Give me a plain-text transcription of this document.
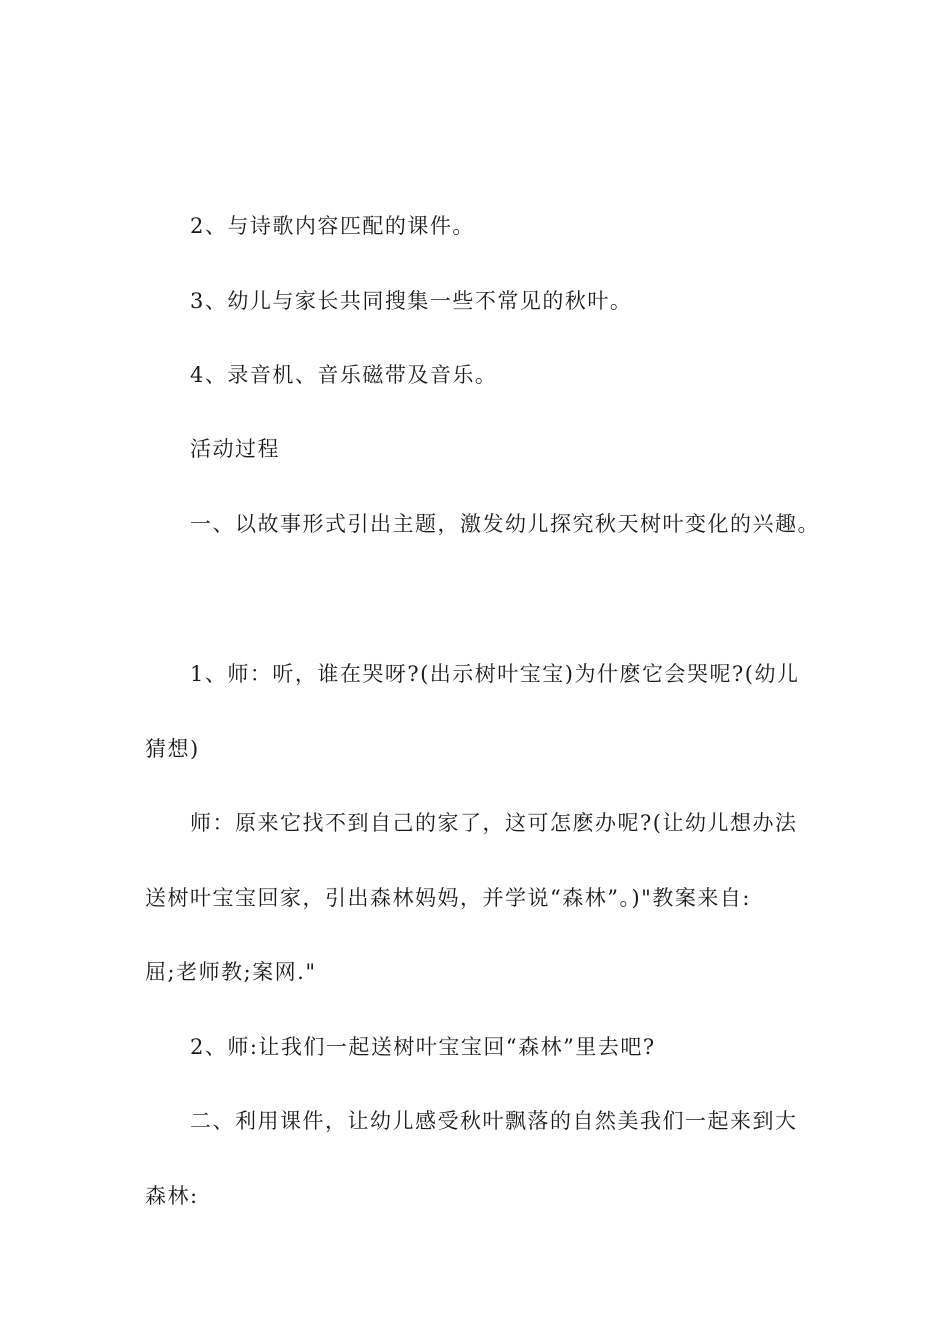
2、与诗歌内容匹配的课件。
3、幼儿与家长共同搜集一些不常见的秋叶。
4、录音机、音乐磁带及音乐。
活动过程
一、以故事形式引出主题，激发幼儿探究秋天树叶变化的兴趣。
1、师：听，谁在哭呀?(出示树叶宝宝)为什麽它会哭呢?(幼儿
猜想)
师：原来它找不到自己的家了，这可怎麽办呢?(让幼儿想办法
送树叶宝宝回家，引出森林妈妈，并学说“森林”。)"教案来自:
屈;老师教;案网."
2、师:让我们一起送树叶宝宝回“森林”里去吧?
二、利用课件，让幼儿感受秋叶飘落的自然美我们一起来到大
森林:
